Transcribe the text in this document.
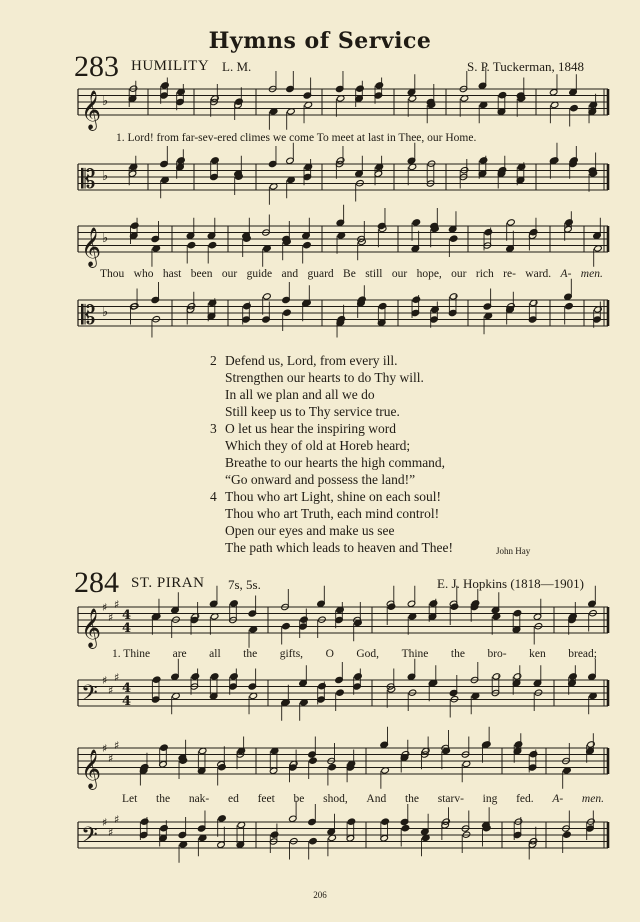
Hymns of Service
283 HUMILITY L. M.	S. P. Tuckerman, 1848
𝄞 ♭
1. Lord! from far-sev-ered climes we come To meet at last in Thee, our Home.
𝄡 ♭
𝄞 ♭
Thou who hast been our guide and guard Be still our hope, our rich re- ward. A- men.
𝄡 ♭
2 Defend us, Lord, from every ill.
Strengthen our hearts to do Thy will.
In all we plan and all we do
Still keep us to Thy service true.
3 O let us hear the inspiring word
Which they of old at Horeb heard;
Breathe to our hearts the high command,
“Go onward and possess the land!”
4 Thou who art Light, shine on each soul!
Thou who art Truth, each mind control!
Open our eyes and make us see
The path which leads to heaven and Thee!	John Hay
284 ST. PIRAN 7s, 5s.	E. J. Hopkins (1818—1901)
𝄞
♯
♯
♯
4
4
1. Thine are all the gifts, O God, Thine the bro- ken bread;
𝄢
♯
♯
♯
4
4
𝄞
♯
♯
♯
Let the nak- ed feet be shod, And the starv- ing fed. A- men.
𝄢
♯
♯
♯
206
